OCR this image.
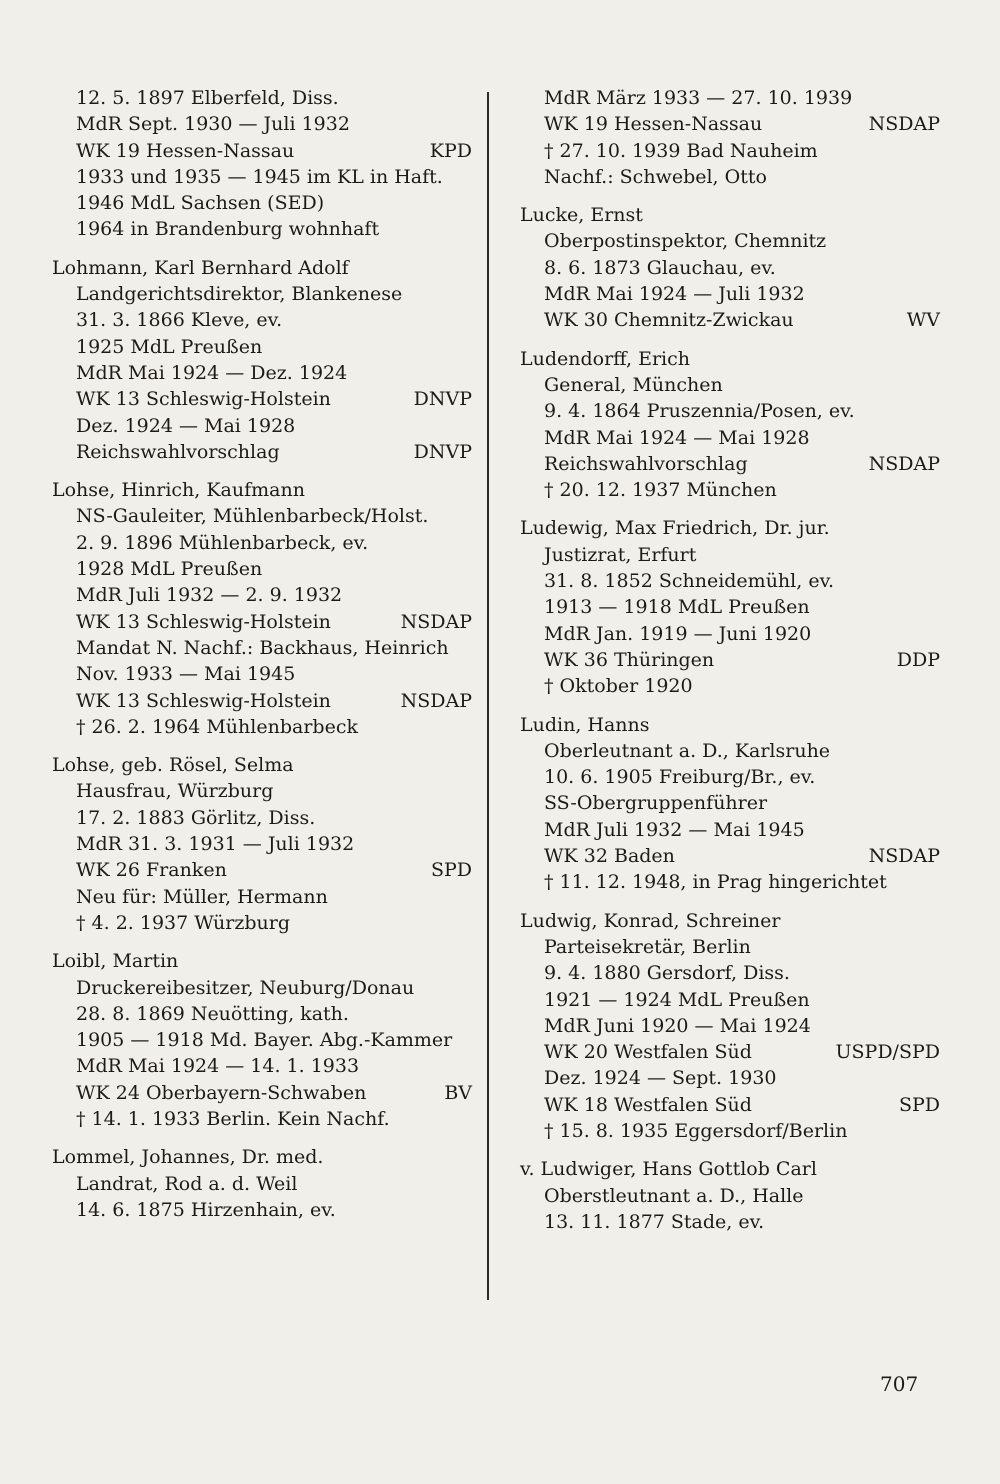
12. 5. 1897 Elberfeld, Diss.
MdR Sept. 1930 — Juli 1932
WK 19 Hessen-Nassau	KPD
1933 und 1935 — 1945 im KL in Haft.
1946 MdL Sachsen (SED)
1964 in Brandenburg wohnhaft
Lohmann, Karl Bernhard Adolf
Landgerichtsdirektor, Blankenese
31. 3. 1866 Kleve, ev.
1925 MdL Preußen
MdR Mai 1924 — Dez. 1924
WK 13 Schleswig-Holstein	DNVP
Dez. 1924 — Mai 1928
Reichswahlvorschlag	DNVP
Lohse, Hinrich, Kaufmann
NS-Gauleiter, Mühlenbarbeck/Holst.
2. 9. 1896 Mühlenbarbeck, ev.
1928 MdL Preußen
MdR Juli 1932 — 2. 9. 1932
WK 13 Schleswig-Holstein	NSDAP
Mandat N. Nachf.: Backhaus, Heinrich
Nov. 1933 — Mai 1945
WK 13 Schleswig-Holstein	NSDAP
† 26. 2. 1964 Mühlenbarbeck
Lohse, geb. Rösel, Selma
Hausfrau, Würzburg
17. 2. 1883 Görlitz, Diss.
MdR 31. 3. 1931 — Juli 1932
WK 26 Franken	SPD
Neu für: Müller, Hermann
† 4. 2. 1937 Würzburg
Loibl, Martin
Druckereibesitzer, Neuburg/Donau
28. 8. 1869 Neuötting, kath.
1905 — 1918 Md. Bayer. Abg.-Kammer
MdR Mai 1924 — 14. 1. 1933
WK 24 Oberbayern-Schwaben	BV
† 14. 1. 1933 Berlin. Kein Nachf.
Lommel, Johannes, Dr. med.
Landrat, Rod a. d. Weil
14. 6. 1875 Hirzenhain, ev.
MdR März 1933 — 27. 10. 1939
WK 19 Hessen-Nassau	NSDAP
† 27. 10. 1939 Bad Nauheim
Nachf.: Schwebel, Otto
Lucke, Ernst
Oberpostinspektor, Chemnitz
8. 6. 1873 Glauchau, ev.
MdR Mai 1924 — Juli 1932
WK 30 Chemnitz-Zwickau	WV
Ludendorff, Erich
General, München
9. 4. 1864 Pruszennia/Posen, ev.
MdR Mai 1924 — Mai 1928
Reichswahlvorschlag	NSDAP
† 20. 12. 1937 München
Ludewig, Max Friedrich, Dr. jur.
Justizrat, Erfurt
31. 8. 1852 Schneidemühl, ev.
1913 — 1918 MdL Preußen
MdR Jan. 1919 — Juni 1920
WK 36 Thüringen	DDP
† Oktober 1920
Ludin, Hanns
Oberleutnant a. D., Karlsruhe
10. 6. 1905 Freiburg/Br., ev.
SS-Obergruppenführer
MdR Juli 1932 — Mai 1945
WK 32 Baden	NSDAP
† 11. 12. 1948, in Prag hingerichtet
Ludwig, Konrad, Schreiner
Parteisekretär, Berlin
9. 4. 1880 Gersdorf, Diss.
1921 — 1924 MdL Preußen
MdR Juni 1920 — Mai 1924
WK 20 Westfalen Süd	USPD/SPD
Dez. 1924 — Sept. 1930
WK 18 Westfalen Süd	SPD
† 15. 8. 1935 Eggersdorf/Berlin
v. Ludwiger, Hans Gottlob Carl
Oberstleutnant a. D., Halle
13. 11. 1877 Stade, ev.
707
